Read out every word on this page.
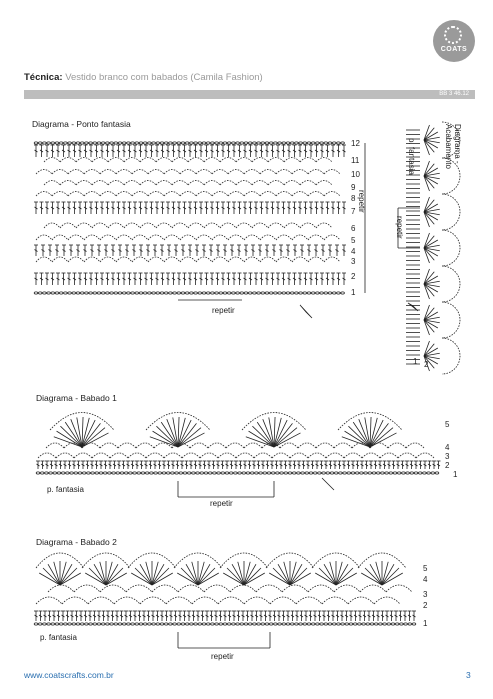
COATS
Técnica: Vestido branco com babados (Camila Fashion)
BB 3 46.12
Diagrama - Ponto fantasia
Diagrama - Babado 1
Diagrama - Babado 2
12
11
10
9
8
7
6
5
4
3
2
1
repetir
repetir
Diagrama - Acabamento
p. fantasia
repetir
1 2
5
4
3
2
1
p. fantasia
repetir
5
4
3
2
1
p. fantasia
repetir
www.coatscrafts.com.br	3
